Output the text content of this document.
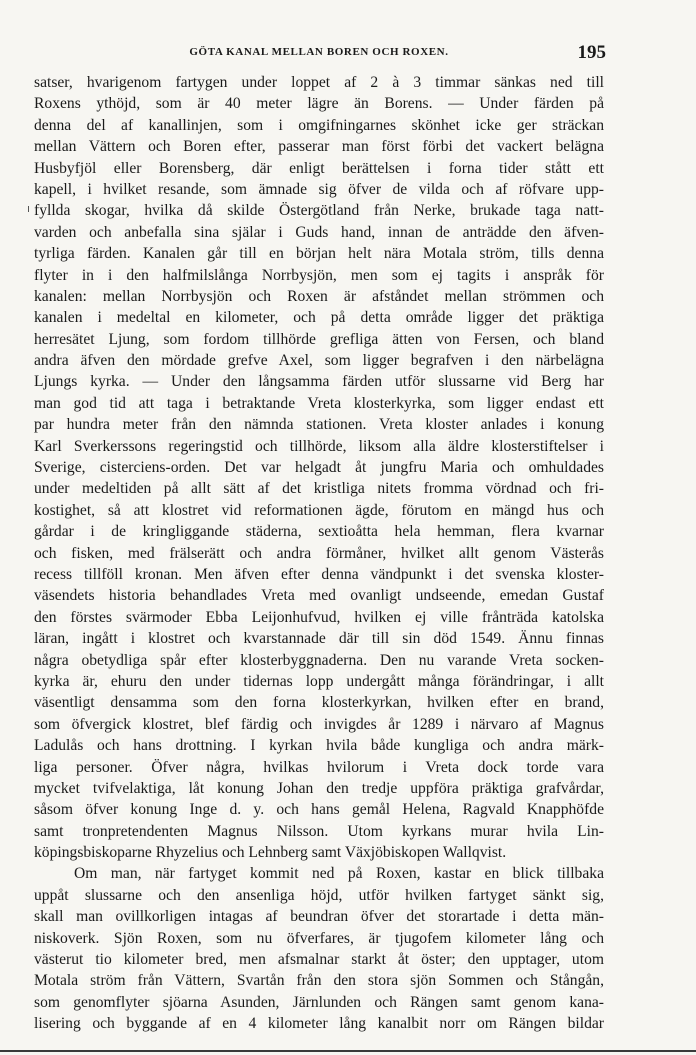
GÖTA KANAL MELLAN BOREN OCH ROXEN.	195
satser, hvarigenom fartygen under loppet af 2 à 3 timmar sänkas ned till
Roxens ythöjd, som är 40 meter lägre än Borens. — Under färden på
denna del af kanallinjen, som i omgifningarnes skönhet icke ger sträckan
mellan Vättern och Boren efter, passerar man först förbi det vackert belägna
Husbyfjöl eller Borensberg, där enligt berättelsen i forna tider stått ett
kapell, i hvilket resande, som ämnade sig öfver de vilda och af röfvare upp-
fyllda skogar, hvilka då skilde Östergötland från Nerke, brukade taga natt-
varden och anbefalla sina själar i Guds hand, innan de anträdde den äfven-
tyrliga färden. Kanalen går till en början helt nära Motala ström, tills denna
flyter in i den halfmilslånga Norrbysjön, men som ej tagits i anspråk för
kanalen: mellan Norrbysjön och Roxen är afståndet mellan strömmen och
kanalen i medeltal en kilometer, och på detta område ligger det präktiga
herresätet Ljung, som fordom tillhörde grefliga ätten von Fersen, och bland
andra äfven den mördade grefve Axel, som ligger begrafven i den närbelägna
Ljungs kyrka. — Under den långsamma färden utför slussarne vid Berg har
man god tid att taga i betraktande Vreta klosterkyrka, som ligger endast ett
par hundra meter från den nämnda stationen. Vreta kloster anlades i konung
Karl Sverkerssons regeringstid och tillhörde, liksom alla äldre klosterstiftelser i
Sverige, cisterciens-orden. Det var helgadt åt jungfru Maria och omhuldades
under medeltiden på allt sätt af det kristliga nitets fromma vördnad och fri-
kostighet, så att klostret vid reformationen ägde, förutom en mängd hus och
gårdar i de kringliggande städerna, sextioåtta hela hemman, flera kvarnar
och fisken, med frälserätt och andra förmåner, hvilket allt genom Västerås
recess tillföll kronan. Men äfven efter denna vändpunkt i det svenska kloster-
väsendets historia behandlades Vreta med ovanligt undseende, emedan Gustaf
den förstes svärmoder Ebba Leijonhufvud, hvilken ej ville frånträda katolska
läran, ingått i klostret och kvarstannade där till sin död 1549. Ännu finnas
några obetydliga spår efter klosterbyggnaderna. Den nu varande Vreta socken-
kyrka är, ehuru den under tidernas lopp undergått många förändringar, i allt
väsentligt densamma som den forna klosterkyrkan, hvilken efter en brand,
som öfvergick klostret, blef färdig och invigdes år 1289 i närvaro af Magnus
Ladulås och hans drottning. I kyrkan hvila både kungliga och andra märk-
liga personer. Öfver några, hvilkas hvilorum i Vreta dock torde vara
mycket tvifvelaktiga, låt konung Johan den tredje uppföra präktiga grafvårdar,
såsom öfver konung Inge d. y. och hans gemål Helena, Ragvald Knapphöfde
samt tronpretendenten Magnus Nilsson. Utom kyrkans murar hvila Lin-
köpingsbiskoparne Rhyzelius och Lehnberg samt Växjöbiskopen Wallqvist.
Om man, när fartyget kommit ned på Roxen, kastar en blick tillbaka
uppåt slussarne och den ansenliga höjd, utför hvilken fartyget sänkt sig,
skall man ovillkorligen intagas af beundran öfver det storartade i detta män-
niskoverk. Sjön Roxen, som nu öfverfares, är tjugofem kilometer lång och
västerut tio kilometer bred, men afsmalnar starkt åt öster; den upptager, utom
Motala ström från Vättern, Svartån från den stora sjön Sommen och Stångån,
som genomflyter sjöarna Asunden, Järnlunden och Rängen samt genom kana-
lisering och byggande af en 4 kilometer lång kanalbit norr om Rängen bildar
